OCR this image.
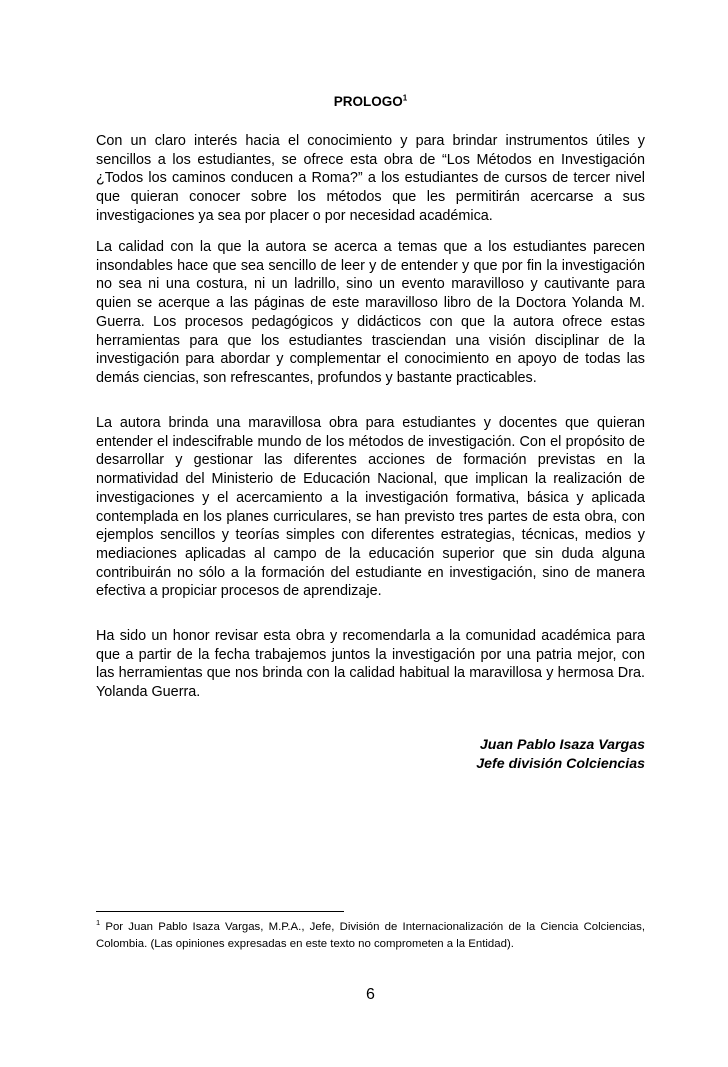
PROLOGO$^1$

Con un claro interés hacia el conocimiento y para brindar instrumentos útiles y sencillos a los estudiantes, se ofrece esta obra de “Los Métodos en Investigación ¿Todos los caminos conducen a Roma?” a los estudiantes de cursos de tercer nivel que quieran conocer sobre los métodos que les permitirán acercarse a sus investigaciones ya sea por placer o por necesidad académica.

La calidad con la que la autora se acerca a temas que a los estudiantes parecen insondables hace que sea sencillo de leer y de entender y que por fin la investigación no sea ni una costura, ni un ladrillo, sino un evento maravilloso y cautivante para quien se acerque a las páginas de este maravilloso libro de la Doctora Yolanda M. Guerra. Los procesos pedagógicos y didácticos con que la autora ofrece estas herramientas para que los estudiantes trasciendan una visión disciplinar de la investigación para abordar y complementar el conocimiento en apoyo de todas las demás ciencias, son refrescantes, profundos y bastante practicables.

La autora brinda una maravillosa obra para estudiantes y docentes que quieran entender el indescifrable mundo de los métodos de investigación. Con el propósito de desarrollar y gestionar las diferentes acciones de formación previstas en la normatividad del Ministerio de Educación Nacional, que implican la realización de investigaciones y el acercamiento a la investigación formativa, básica y aplicada contemplada en los planes curriculares, se han previsto tres partes de esta obra, con ejemplos sencillos y teorías simples con diferentes estrategias, técnicas, medios y mediaciones aplicadas al campo de la educación superior que sin duda alguna contribuirán no sólo a la formación del estudiante en investigación, sino de manera efectiva a propiciar procesos de aprendizaje.

Ha sido un honor revisar esta obra y recomendarla a la comunidad académica para que a partir de la fecha trabajemos juntos la investigación por una patria mejor, con las herramientas que nos brinda con la calidad habitual la maravillosa y hermosa Dra. Yolanda Guerra.

Juan Pablo Isaza Vargas
Jefe división Colciencias

$^1$ Por Juan Pablo Isaza Vargas, M.P.A., Jefe, División de Internacionalización de la Ciencia Colciencias, Colombia. (Las opiniones expresadas en este texto no comprometen a la Entidad).

6
